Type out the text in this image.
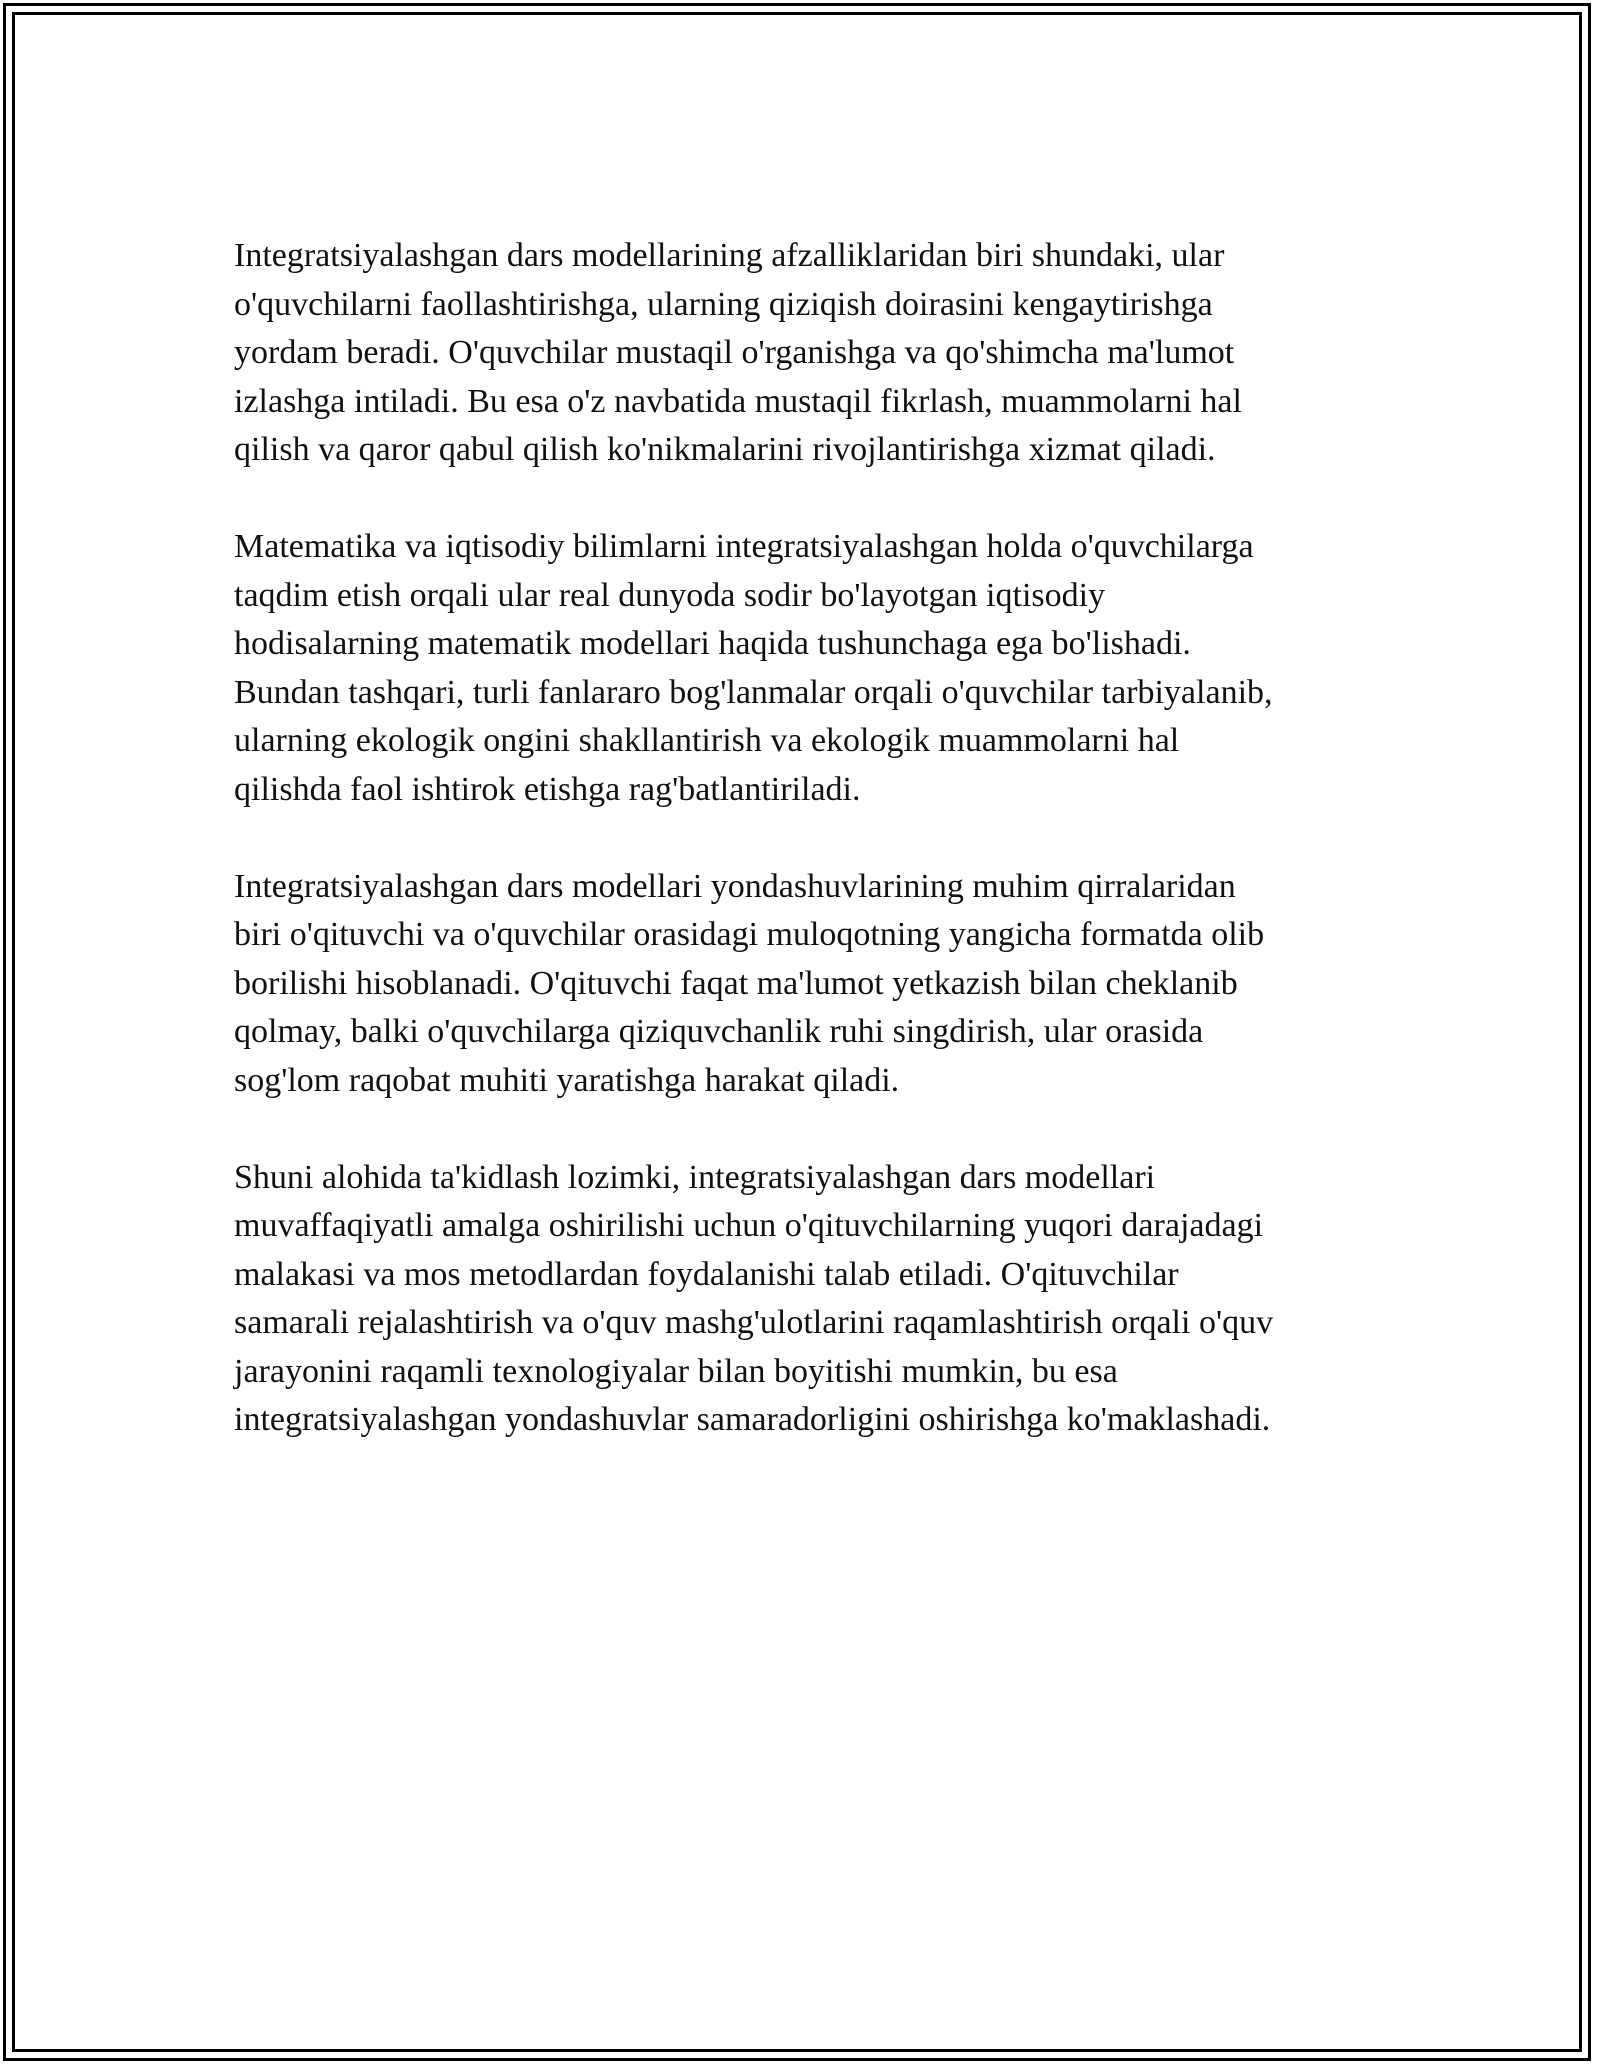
Integratsiyalashgan dars modellarining afzalliklaridan biri shundaki, ular
o'quvchilarni faollashtirishga, ularning qiziqish doirasini kengaytirishga
yordam beradi. O'quvchilar mustaqil o'rganishga va qo'shimcha ma'lumot
izlashga intiladi. Bu esa o'z navbatida mustaqil fikrlash, muammolarni hal
qilish va qaror qabul qilish ko'nikmalarini rivojlantirishga xizmat qiladi.

Matematika va iqtisodiy bilimlarni integratsiyalashgan holda o'quvchilarga
taqdim etish orqali ular real dunyoda sodir bo'layotgan iqtisodiy
hodisalarning matematik modellari haqida tushunchaga ega bo'lishadi.
Bundan tashqari, turli fanlararo bog'lanmalar orqali o'quvchilar tarbiyalanib,
ularning ekologik ongini shakllantirish va ekologik muammolarni hal
qilishda faol ishtirok etishga rag'batlantiriladi.

Integratsiyalashgan dars modellari yondashuvlarining muhim qirralaridan
biri o'qituvchi va o'quvchilar orasidagi muloqotning yangicha formatda olib
borilishi hisoblanadi. O'qituvchi faqat ma'lumot yetkazish bilan cheklanib
qolmay, balki o'quvchilarga qiziquvchanlik ruhi singdirish, ular orasida
sog'lom raqobat muhiti yaratishga harakat qiladi.

Shuni alohida ta'kidlash lozimki, integratsiyalashgan dars modellari
muvaffaqiyatli amalga oshirilishi uchun o'qituvchilarning yuqori darajadagi
malakasi va mos metodlardan foydalanishi talab etiladi. O'qituvchilar
samarali rejalashtirish va o'quv mashg'ulotlarini raqamlashtirish orqali o'quv
jarayonini raqamli texnologiyalar bilan boyitishi mumkin, bu esa
integratsiyalashgan yondashuvlar samaradorligini oshirishga ko'maklashadi.
